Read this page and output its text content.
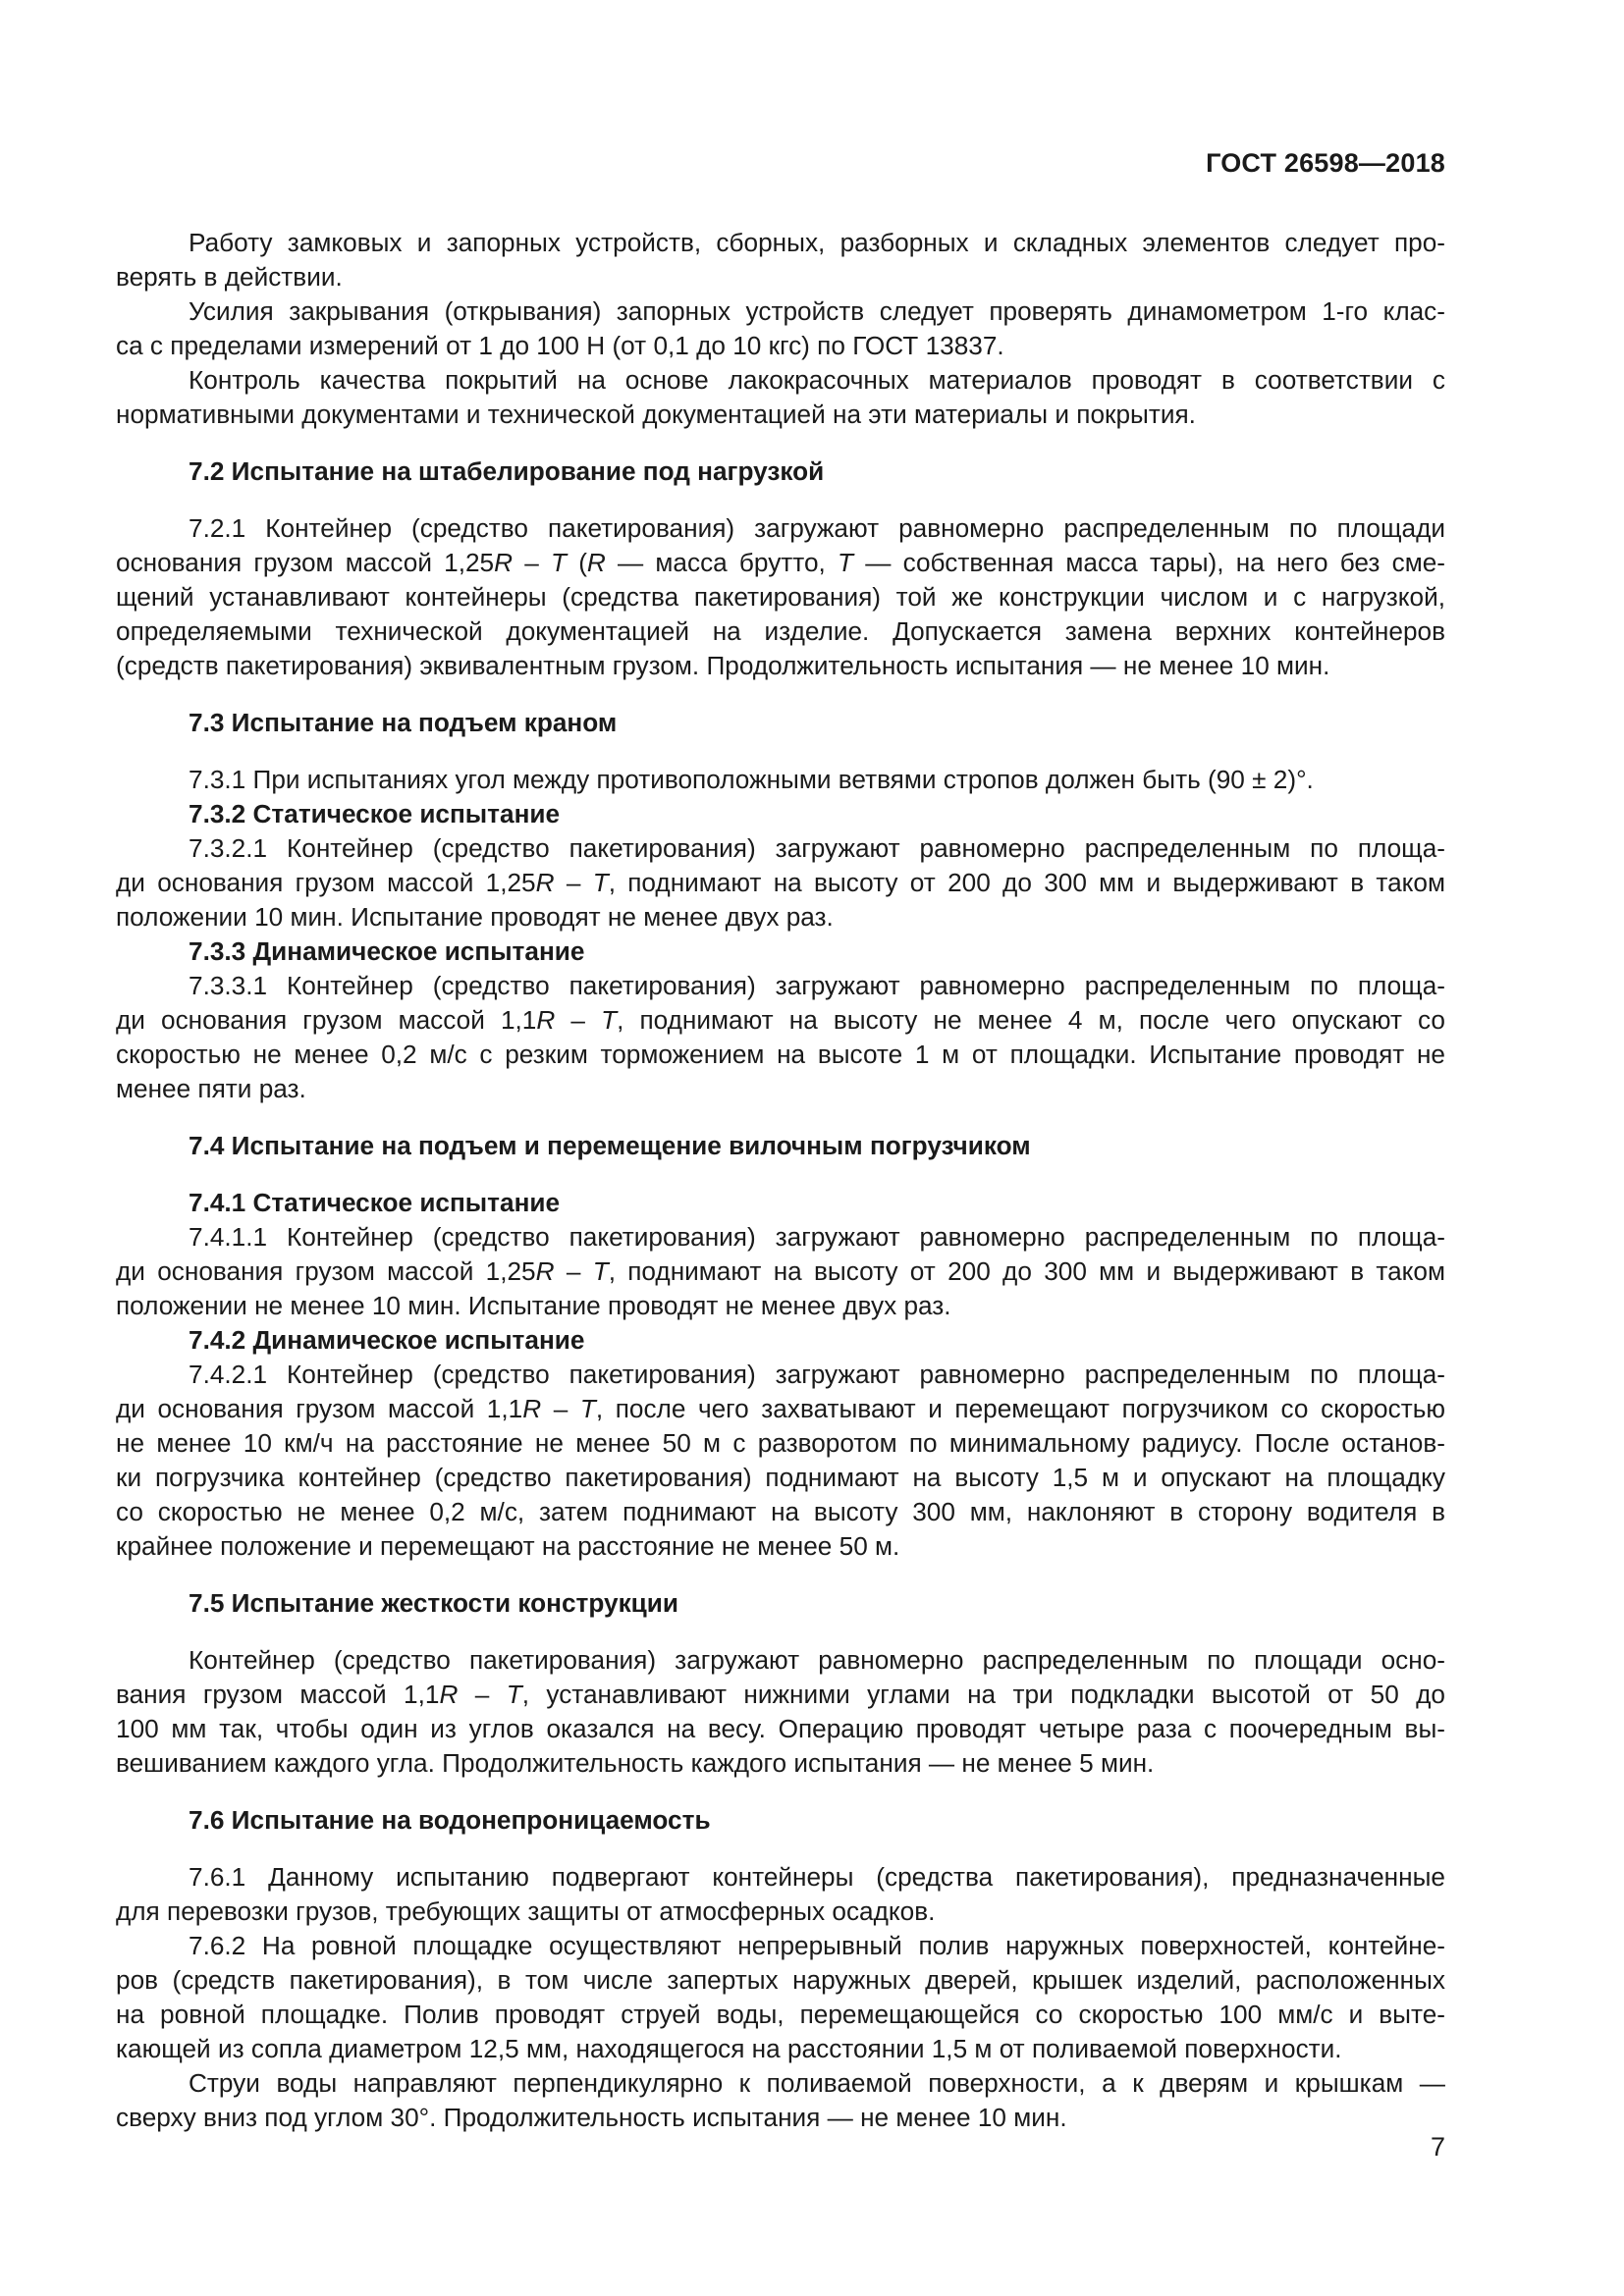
ГОСТ 26598—2018
Работу замковых и запорных устройств, сборных, разборных и складных элементов следует про-
верять в действии.
Усилия закрывания (открывания) запорных устройств следует проверять динамометром 1-го клас-
са с пределами измерений от 1 до 100 Н (от 0,1 до 10 кгс) по ГОСТ 13837.
Контроль качества покрытий на основе лакокрасочных материалов проводят в соответствии с
нормативными документами и технической документацией на эти материалы и покрытия.
7.2 Испытание на штабелирование под нагрузкой
7.2.1 Контейнер (средство пакетирования) загружают равномерно распределенным по площади
основания грузом массой 1,25R – T (R — масса брутто, T — собственная масса тары), на него без сме-
щений устанавливают контейнеры (средства пакетирования) той же конструкции числом и с нагрузкой,
определяемыми технической документацией на изделие. Допускается замена верхних контейнеров
(средств пакетирования) эквивалентным грузом. Продолжительность испытания — не менее 10 мин.
7.3 Испытание на подъем краном
7.3.1 При испытаниях угол между противоположными ветвями стропов должен быть (90 ± 2)°.
7.3.2 Статическое испытание
7.3.2.1 Контейнер (средство пакетирования) загружают равномерно распределенным по площа-
ди основания грузом массой 1,25R – T, поднимают на высоту от 200 до 300 мм и выдерживают в таком
положении 10 мин. Испытание проводят не менее двух раз.
7.3.3 Динамическое испытание
7.3.3.1 Контейнер (средство пакетирования) загружают равномерно распределенным по площа-
ди основания грузом массой 1,1R – T, поднимают на высоту не менее 4 м, после чего опускают со
скоростью не менее 0,2 м/с с резким торможением на высоте 1 м от площадки. Испытание проводят не
менее пяти раз.
7.4 Испытание на подъем и перемещение вилочным погрузчиком
7.4.1 Статическое испытание
7.4.1.1 Контейнер (средство пакетирования) загружают равномерно распределенным по площа-
ди основания грузом массой 1,25R – T, поднимают на высоту от 200 до 300 мм и выдерживают в таком
положении не менее 10 мин. Испытание проводят не менее двух раз.
7.4.2 Динамическое испытание
7.4.2.1 Контейнер (средство пакетирования) загружают равномерно распределенным по площа-
ди основания грузом массой 1,1R – T, после чего захватывают и перемещают погрузчиком со скоростью
не менее 10 км/ч на расстояние не менее 50 м с разворотом по минимальному радиусу. После останов-
ки погрузчика контейнер (средство пакетирования) поднимают на высоту 1,5 м и опускают на площадку
со скоростью не менее 0,2 м/с, затем поднимают на высоту 300 мм, наклоняют в сторону водителя в
крайнее положение и перемещают на расстояние не менее 50 м.
7.5 Испытание жесткости конструкции
Контейнер (средство пакетирования) загружают равномерно распределенным по площади осно-
вания грузом массой 1,1R – T, устанавливают нижними углами на три подкладки высотой от 50 до
100 мм так, чтобы один из углов оказался на весу. Операцию проводят четыре раза с поочередным вы-
вешиванием каждого угла. Продолжительность каждого испытания — не менее 5 мин.
7.6 Испытание на водонепроницаемость
7.6.1 Данному испытанию подвергают контейнеры (средства пакетирования), предназначенные
для перевозки грузов, требующих защиты от атмосферных осадков.
7.6.2 На ровной площадке осуществляют непрерывный полив наружных поверхностей, контейне-
ров (средств пакетирования), в том числе запертых наружных дверей, крышек изделий, расположенных
на ровной площадке. Полив проводят струей воды, перемещающейся со скоростью 100 мм/с и выте-
кающей из сопла диаметром 12,5 мм, находящегося на расстоянии 1,5 м от поливаемой поверхности.
Струи воды направляют перпендикулярно к поливаемой поверхности, а к дверям и крышкам —
сверху вниз под углом 30°. Продолжительность испытания — не менее 10 мин.
7
